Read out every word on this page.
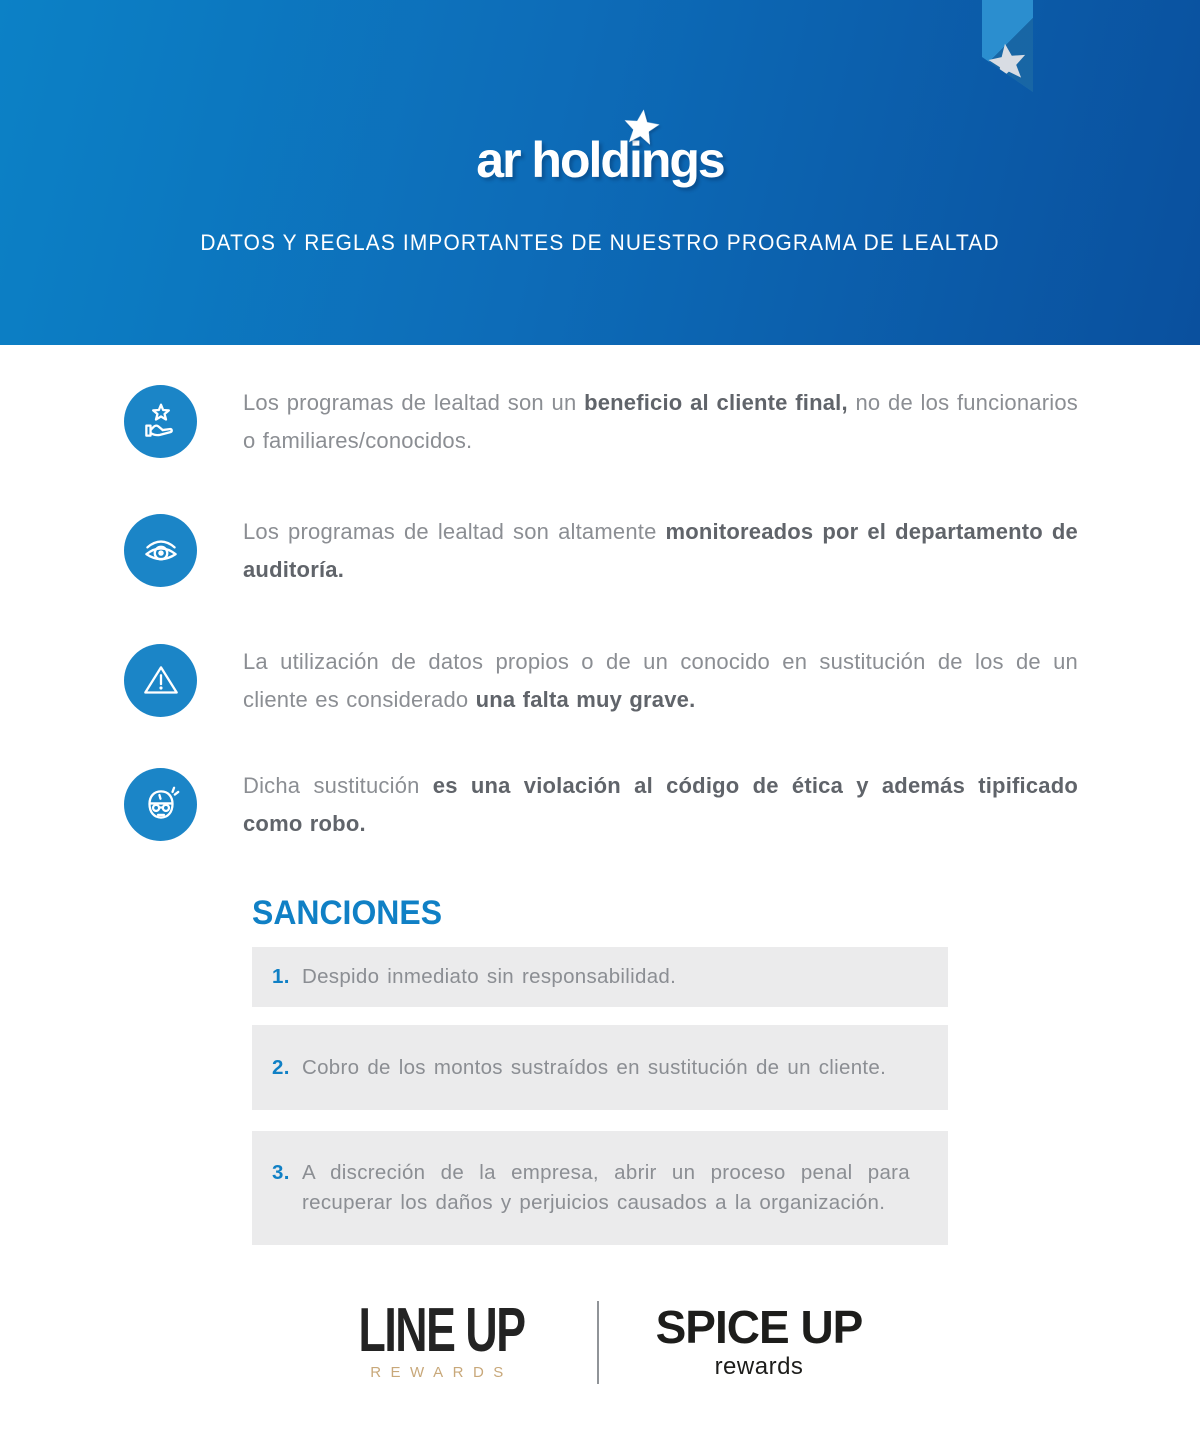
ar holdings
DATOS Y REGLAS IMPORTANTES DE NUESTRO PROGRAMA DE LEALTAD

Los programas de lealtad son un beneficio al cliente final, no de los funcionarios o familiares/conocidos.

Los programas de lealtad son altamente monitoreados por el departamento de auditoría.

La utilización de datos propios o de un conocido en sustitución de los de un cliente es considerado una falta muy grave.

Dicha sustitución es una violación al código de ética y además tipificado como robo.

SANCIONES

1. Despido inmediato sin responsabilidad.

2. Cobro de los montos sustraídos en sustitución de un cliente.

3. A discreción de la empresa, abrir un proceso penal para recuperar los daños y perjuicios causados a la organización.

LINE UP
REWARDS
SPICE UP
rewards
